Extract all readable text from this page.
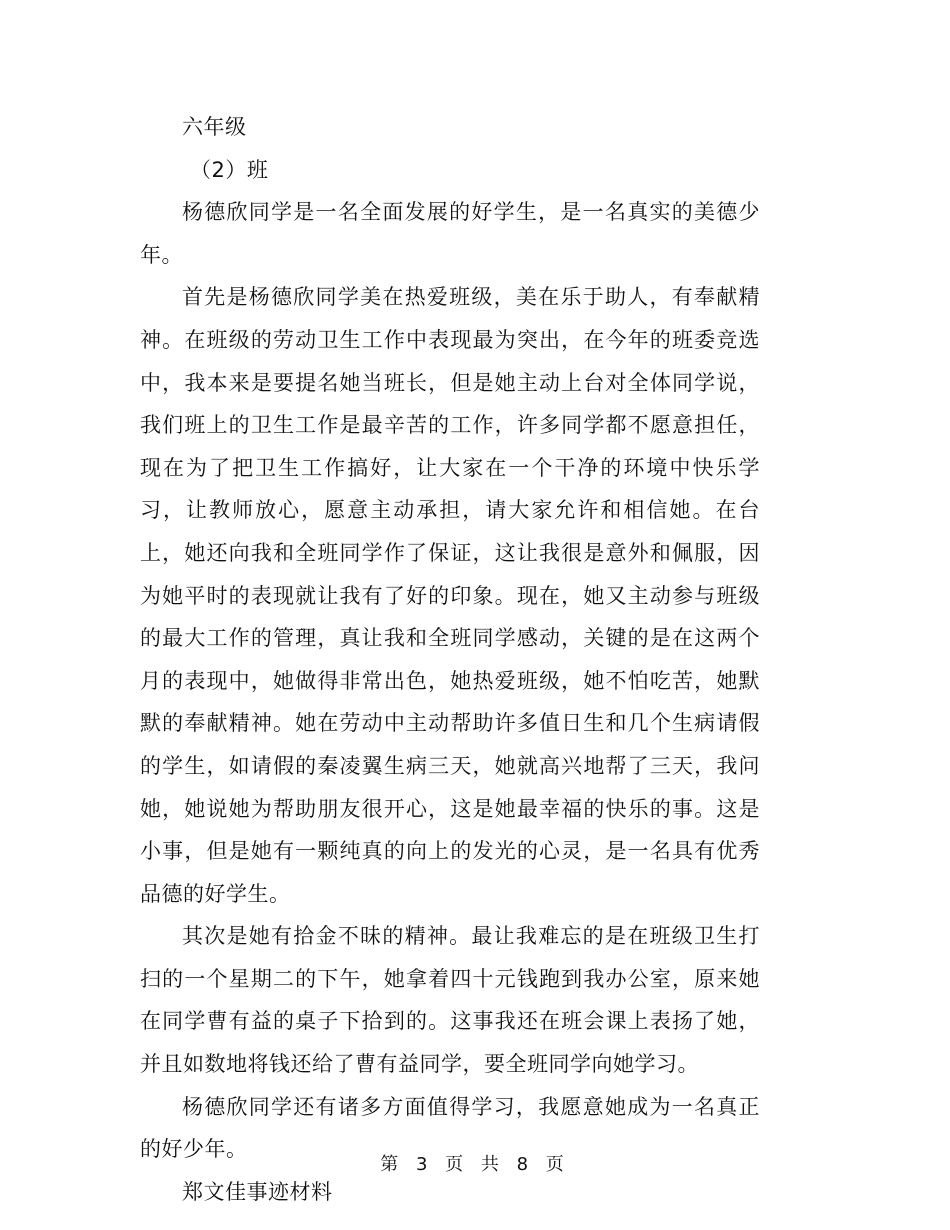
六年级

（2）班

杨德欣同学是一名全面发展的好学生，是一名真实的美德少年。

首先是杨德欣同学美在热爱班级，美在乐于助人，有奉献精神。在班级的劳动卫生工作中表现最为突出，在今年的班委竞选中，我本来是要提名她当班长，但是她主动上台对全体同学说，我们班上的卫生工作是最辛苦的工作，许多同学都不愿意担任，现在为了把卫生工作搞好，让大家在一个干净的环境中快乐学习，让教师放心，愿意主动承担，请大家允许和相信她。在台上，她还向我和全班同学作了保证，这让我很是意外和佩服，因为她平时的表现就让我有了好的印象。现在，她又主动参与班级的最大工作的管理，真让我和全班同学感动，关键的是在这两个月的表现中，她做得非常出色，她热爱班级，她不怕吃苦，她默默的奉献精神。她在劳动中主动帮助许多值日生和几个生病请假的学生，如请假的秦凌翼生病三天，她就高兴地帮了三天，我问她，她说她为帮助朋友很开心，这是她最幸福的快乐的事。这是小事，但是她有一颗纯真的向上的发光的心灵，是一名具有优秀品德的好学生。

其次是她有拾金不昧的精神。最让我难忘的是在班级卫生打扫的一个星期二的下午，她拿着四十元钱跑到我办公室，原来她在同学曹有益的桌子下拾到的。这事我还在班会课上表扬了她，并且如数地将钱还给了曹有益同学，要全班同学向她学习。

杨德欣同学还有诸多方面值得学习，我愿意她成为一名真正的好少年。

郑文佳事迹材料

第 3 页 共 8 页
